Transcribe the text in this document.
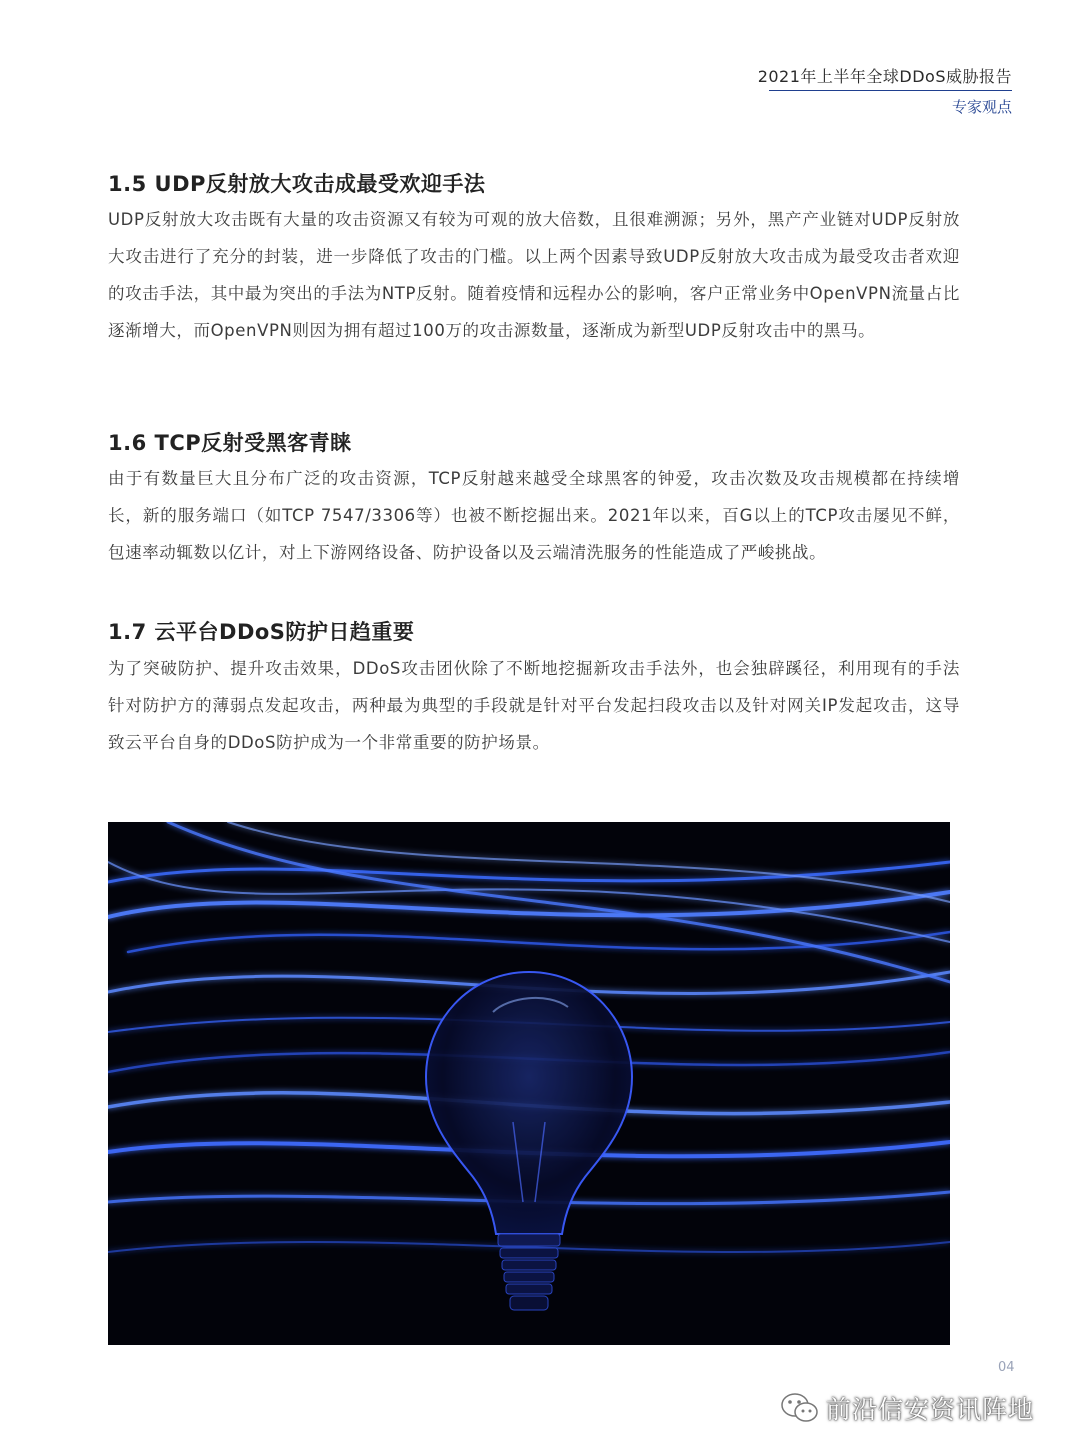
2021年上半年全球DDoS威胁报告
专家观点
1.5 UDP反射放大攻击成最受欢迎手法
UDP反射放大攻击既有大量的攻击资源又有较为可观的放大倍数，且很难溯源；另外，黑产产业链对UDP反射放大攻击进行了充分的封装，进一步降低了攻击的门槛。以上两个因素导致UDP反射放大攻击成为最受攻击者欢迎的攻击手法，其中最为突出的手法为NTP反射。随着疫情和远程办公的影响，客户正常业务中OpenVPN流量占比逐渐增大，而OpenVPN则因为拥有超过100万的攻击源数量，逐渐成为新型UDP反射攻击中的黑马。
1.6 TCP反射受黑客青睐
由于有数量巨大且分布广泛的攻击资源，TCP反射越来越受全球黑客的钟爱，攻击次数及攻击规模都在持续增长，新的服务端口（如TCP 7547/3306等）也被不断挖掘出来。2021年以来，百G以上的TCP攻击屡见不鲜，包速率动辄数以亿计，对上下游网络设备、防护设备以及云端清洗服务的性能造成了严峻挑战。
1.7 云平台DDoS防护日趋重要
为了突破防护、提升攻击效果，DDoS攻击团伙除了不断地挖掘新攻击手法外，也会独辟蹊径，利用现有的手法针对防护方的薄弱点发起攻击，两种最为典型的手段就是针对平台发起扫段攻击以及针对网关IP发起攻击，这导致云平台自身的DDoS防护成为一个非常重要的防护场景。
04
前沿信安资讯阵地
